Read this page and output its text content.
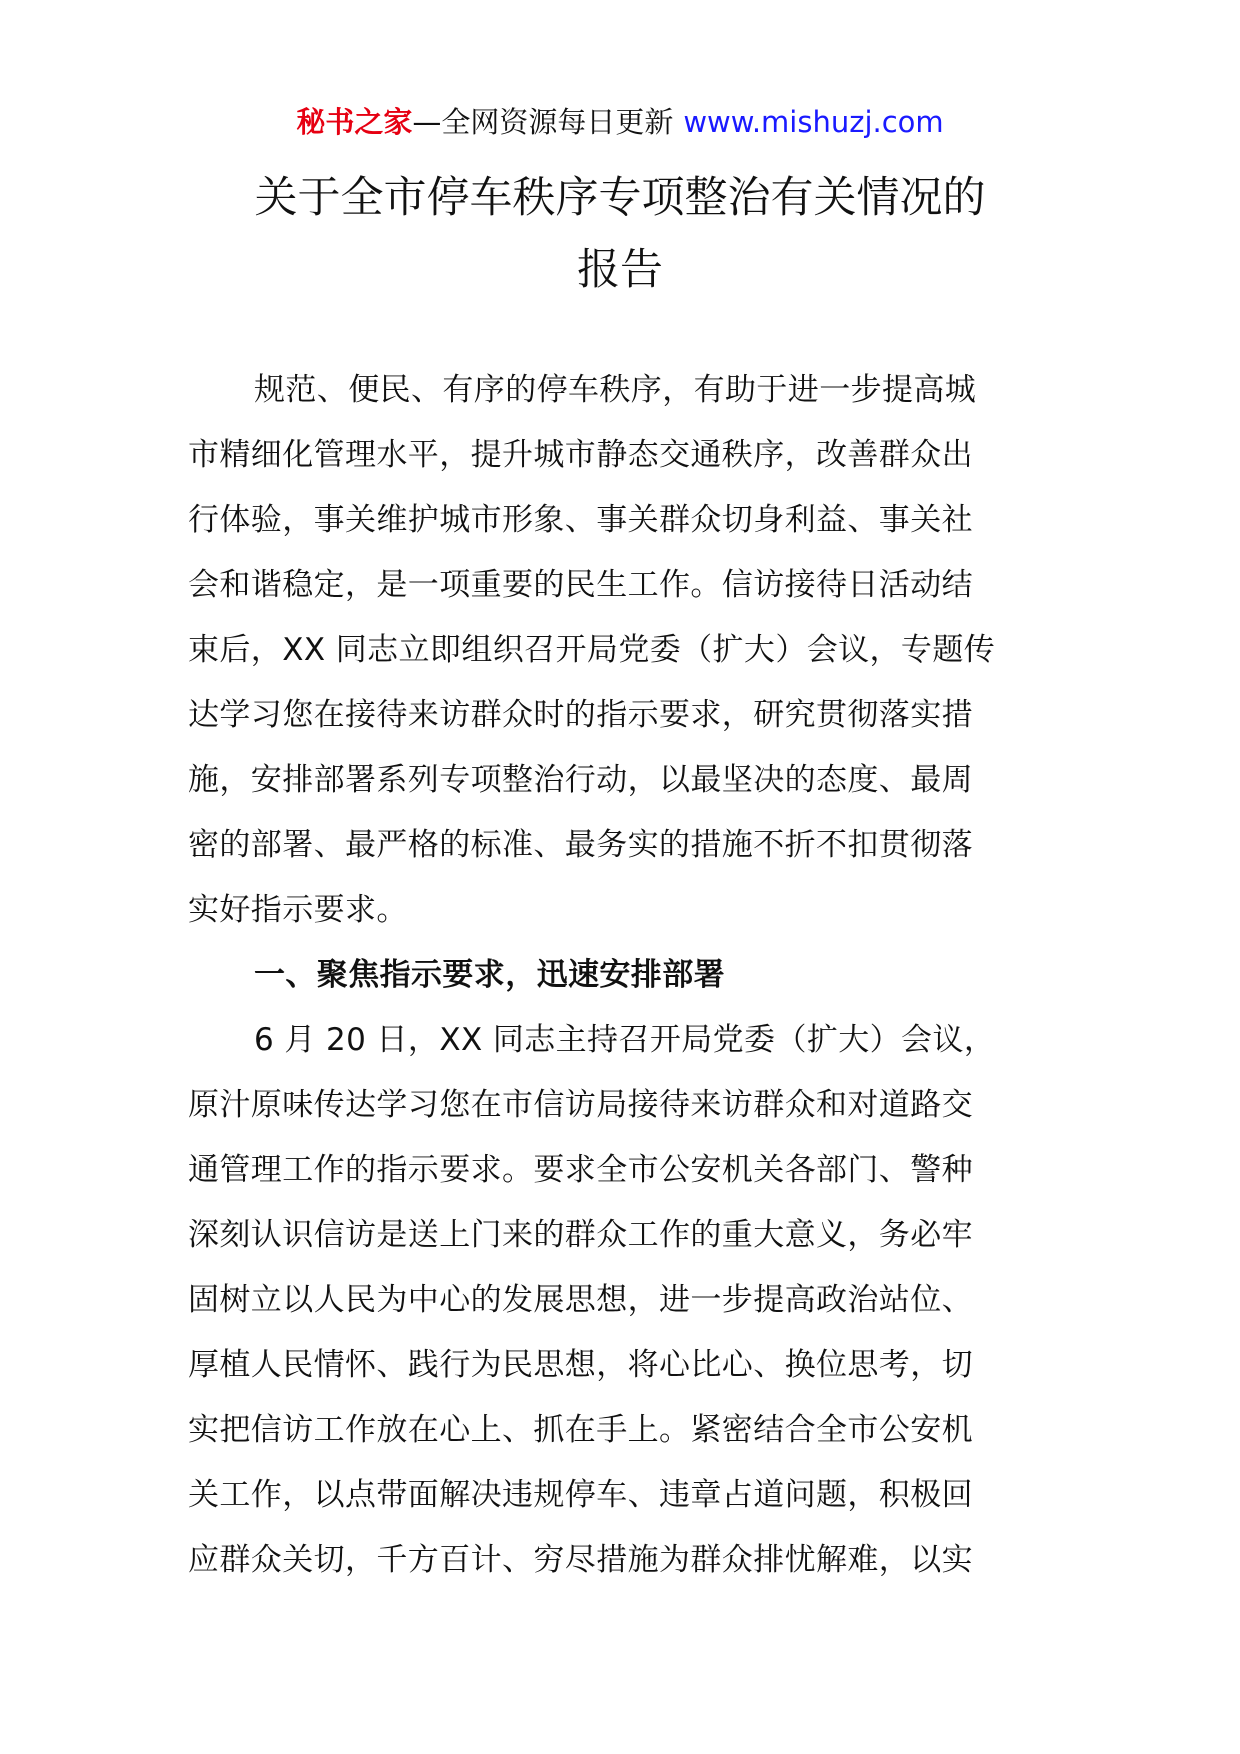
秘书之家—全网资源每日更新 www.mishuzj.com
关于全市停车秩序专项整治有关情况的
报告
规范、便民、有序的停车秩序，有助于进一步提高城
市精细化管理水平，提升城市静态交通秩序，改善群众出
行体验，事关维护城市形象、事关群众切身利益、事关社
会和谐稳定，是一项重要的民生工作。信访接待日活动结
束后，XX 同志立即组织召开局党委（扩大）会议，专题传
达学习您在接待来访群众时的指示要求，研究贯彻落实措
施，安排部署系列专项整治行动，以最坚决的态度、最周
密的部署、最严格的标准、最务实的措施不折不扣贯彻落
实好指示要求。
一、聚焦指示要求，迅速安排部署
6 月 20 日，XX 同志主持召开局党委（扩大）会议，
原汁原味传达学习您在市信访局接待来访群众和对道路交
通管理工作的指示要求。要求全市公安机关各部门、警种
深刻认识信访是送上门来的群众工作的重大意义，务必牢
固树立以人民为中心的发展思想，进一步提高政治站位、
厚植人民情怀、践行为民思想，将心比心、换位思考，切
实把信访工作放在心上、抓在手上。紧密结合全市公安机
关工作，以点带面解决违规停车、违章占道问题，积极回
应群众关切，千方百计、穷尽措施为群众排忧解难，以实
